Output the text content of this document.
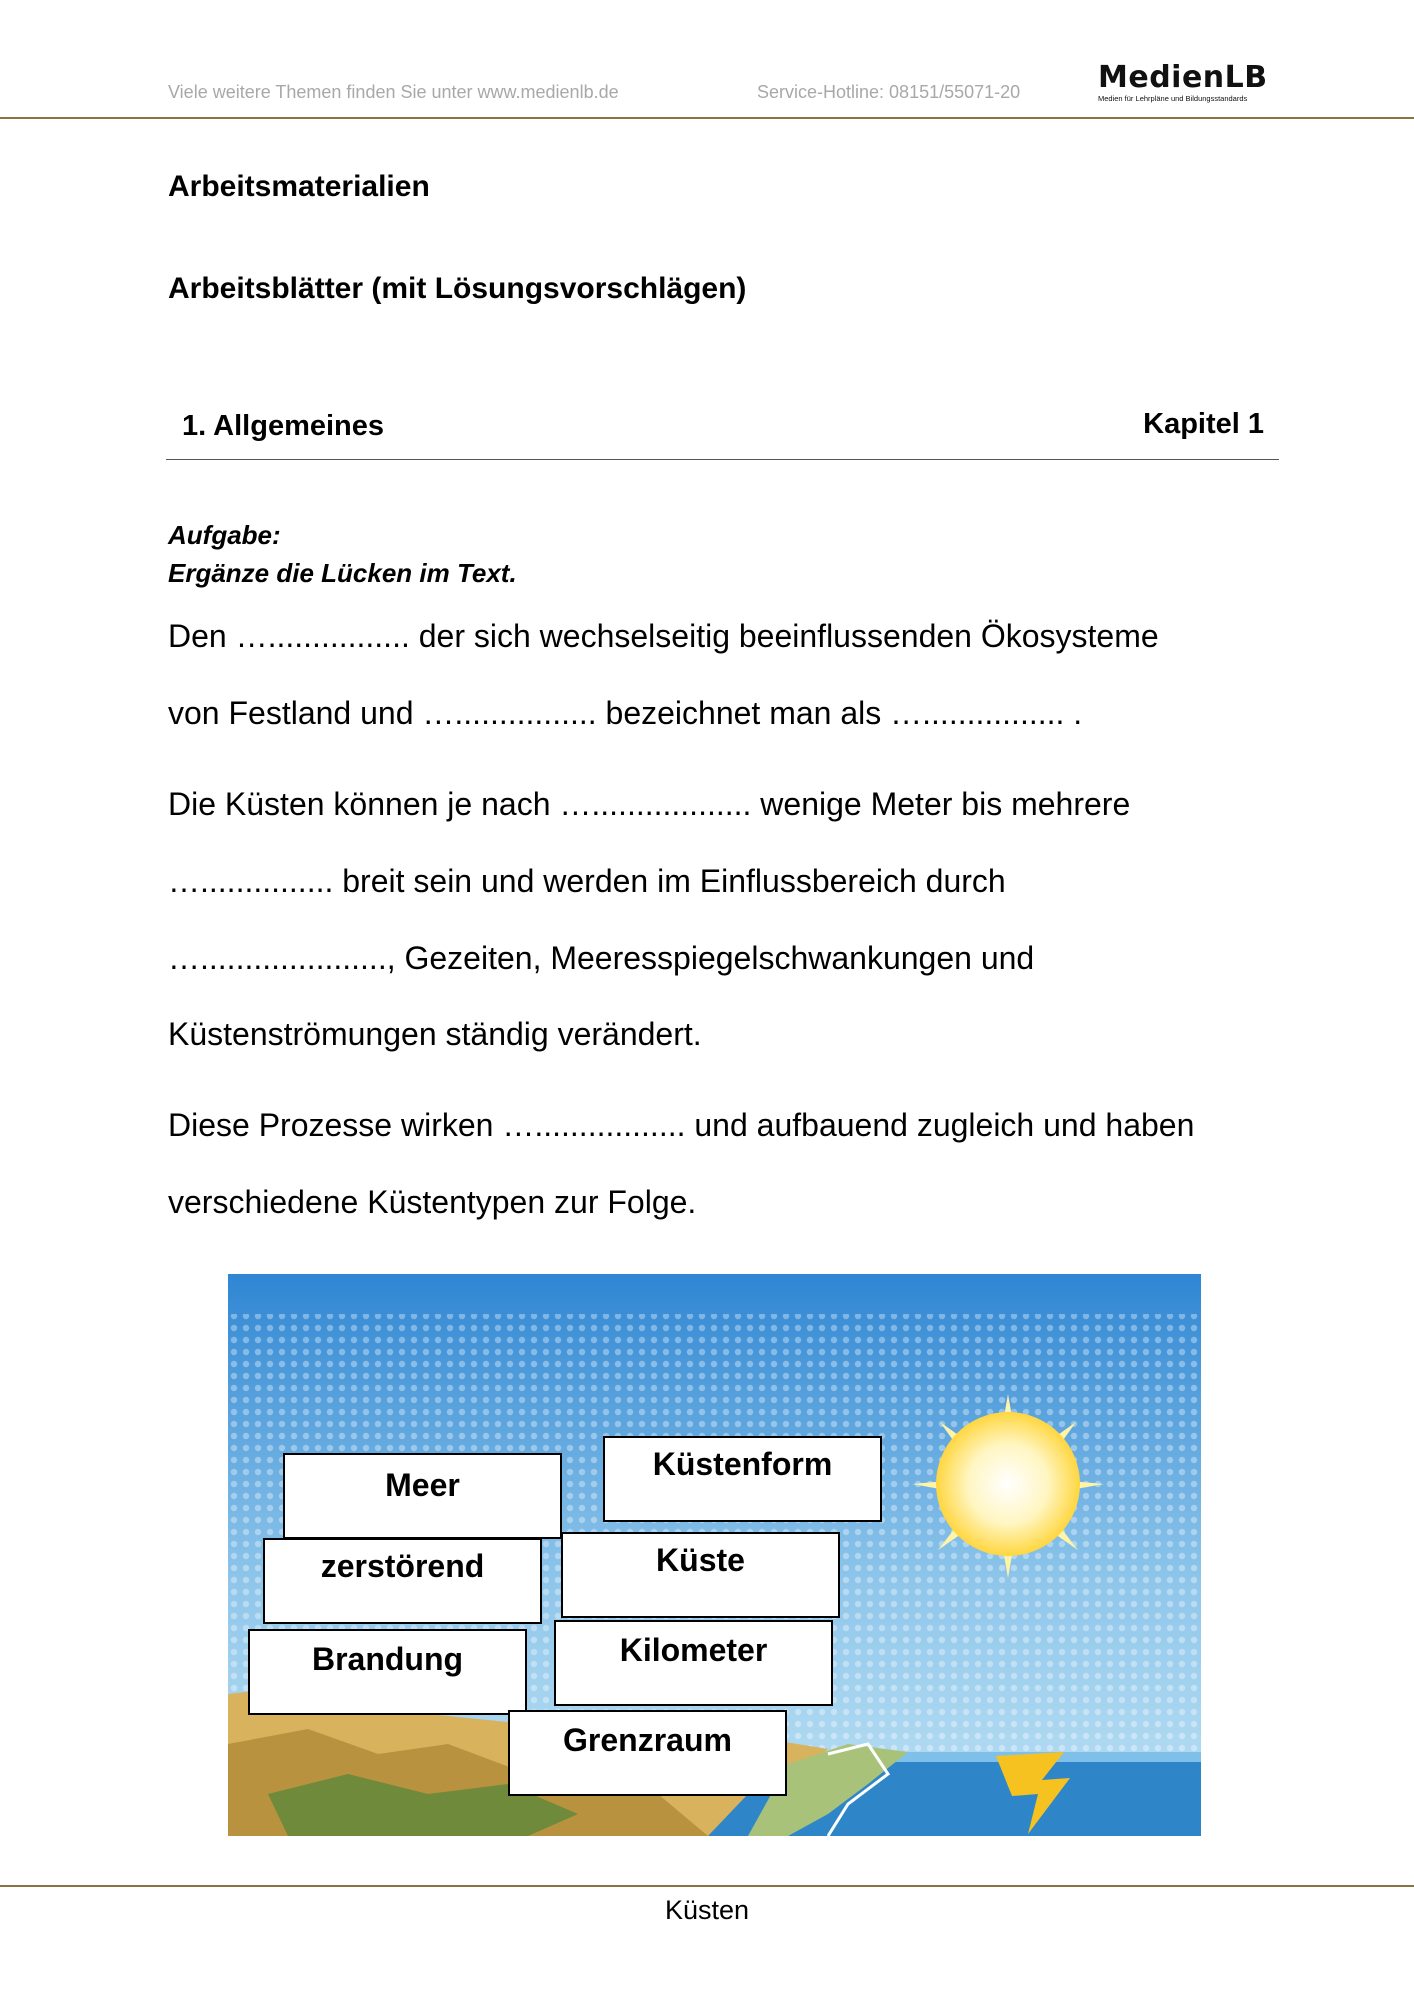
Viele weitere Themen finden Sie unter www.medienlb.de	Service-Hotline: 08151/55071-20	MedienLB
Medien für Lehrpläne und Bildungsstandards
Arbeitsmaterialien
Arbeitsblätter (mit Lösungsvorschlägen)
1. Allgemeines	Kapitel 1
Aufgabe:
Ergänze die Lücken im Text.
Den …................ der sich wechselseitig beeinflussenden Ökosysteme
von Festland und …................ bezeichnet man als …................ .
Die Küsten können je nach ….................. wenige Meter bis mehrere
…............... breit sein und werden im Einflussbereich durch
…....................., Gezeiten, Meeresspiegelschwankungen und
Küstenströmungen ständig verändert.
Diese Prozesse wirken …................. und aufbauend zugleich und haben
verschiedene Küstentypen zur Folge.
Meer
Küstenform
zerstörend	Küste
Brandung	Kilometer
Grenzraum
Küsten
